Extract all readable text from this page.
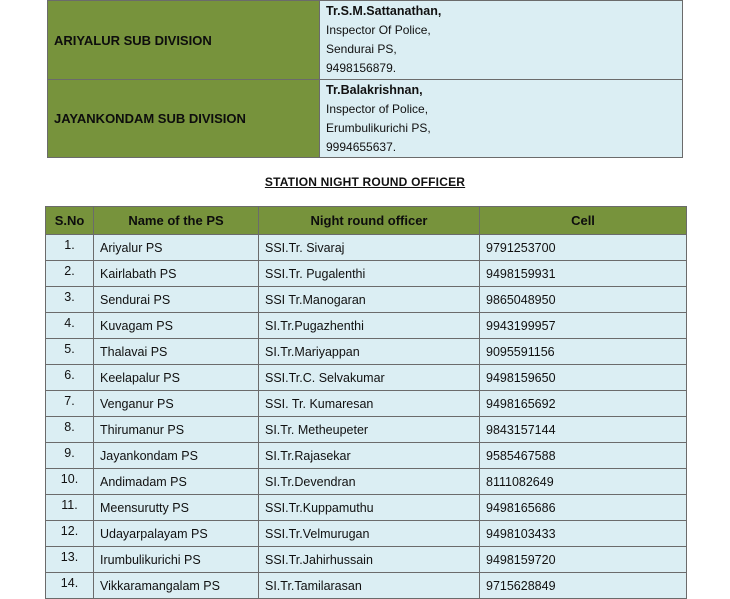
ARIYALUR SUB DIVISION	Tr.S.M.Sattanathan,
Inspector Of Police,
Sendurai PS,
9498156879.

JAYANKONDAM SUB DIVISION	Tr.Balakrishnan,
Inspector of Police,
Erumbulikurichi PS,
9994655637.
STATION NIGHT ROUND OFFICER
S.No	Name of the PS	Night round officer	Cell
1.	Ariyalur PS	SSI.Tr. Sivaraj	9791253700
2.	Kairlabath PS	SSI.Tr. Pugalenthi	9498159931
3.	Sendurai PS	SSI Tr.Manogaran	9865048950
4.	Kuvagam PS	SI.Tr.Pugazhenthi	9943199957
5.	Thalavai PS	SI.Tr.Mariyappan	9095591156
6.	Keelapalur PS	SSI.Tr.C. Selvakumar	9498159650
7.	Venganur PS	SSI. Tr. Kumaresan	9498165692
8.	Thirumanur PS	SI.Tr. Metheupeter	9843157144
9.	Jayankondam PS	SI.Tr.Rajasekar	9585467588
10.	Andimadam PS	SI.Tr.Devendran	8111082649
11.	Meensurutty PS	SSI.Tr.Kuppamuthu	9498165686
12.	Udayarpalayam PS	SSI.Tr.Velmurugan	9498103433
13.	Irumbulikurichi PS	SSI.Tr.Jahirhussain	9498159720
14.	Vikkaramangalam PS	SI.Tr.Tamilarasan	9715628849
